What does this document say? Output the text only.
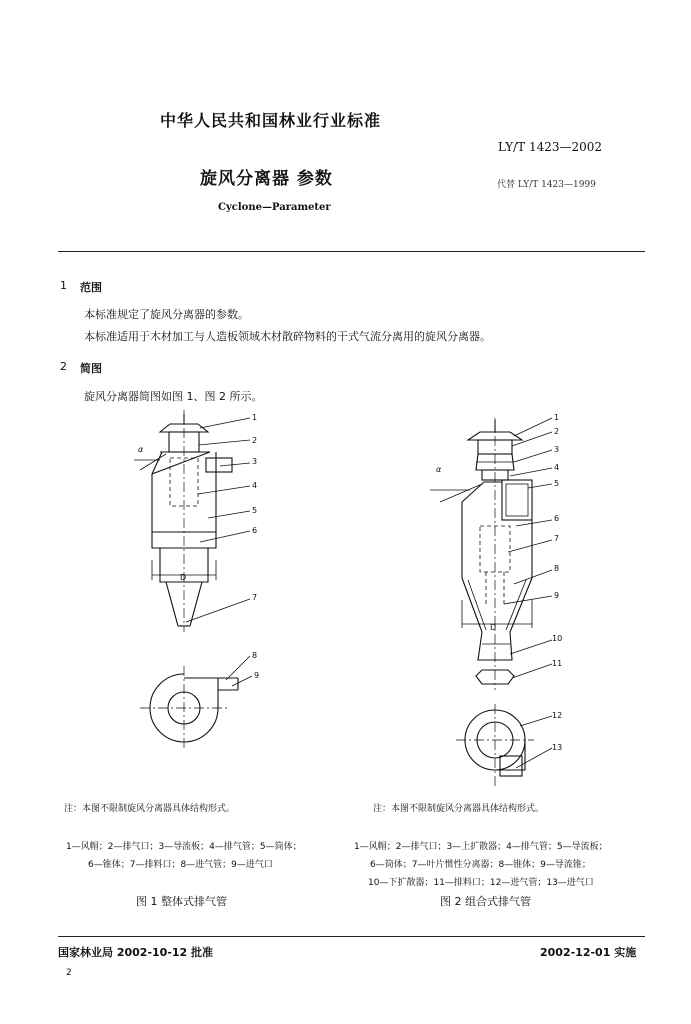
中华人民共和国林业行业标准
LY/T 1423—2002
旋风分离器 参数	代替 LY/T 1423—1999
Cyclone—Parameter
1 范围
本标准规定了旋风分离器的参数。
本标准适用于木材加工与人造板领域木材散碎物料的干式气流分离用的旋风分离器。
2 简图
旋风分离器简图如图 1、图 2 所示。
α
D
1
2
3
4
5
6
7
8
9
α
D
1
2
3
4
5
6
7
8
9
10
11
12
13
注：本图不限制旋风分离器具体结构形式。
1—风帽；2—排气口；3—导流板；4—排气管；5—筒体；
6—锥体；7—排料口；8—进气管；9—进气口
图 1 整体式排气管
注：本图不限制旋风分离器具体结构形式。
1—风帽；2—排气口；3—上扩散器；4—排气管；5—导流板；
6—筒体；7—叶片惯性分离器；8—锥体；9—导流锥；
10—下扩散器；11—排料口；12—进气管；13—进气口
图 2 组合式排气管
国家林业局 2002-10-12 批准	2002-12-01 实施
2
